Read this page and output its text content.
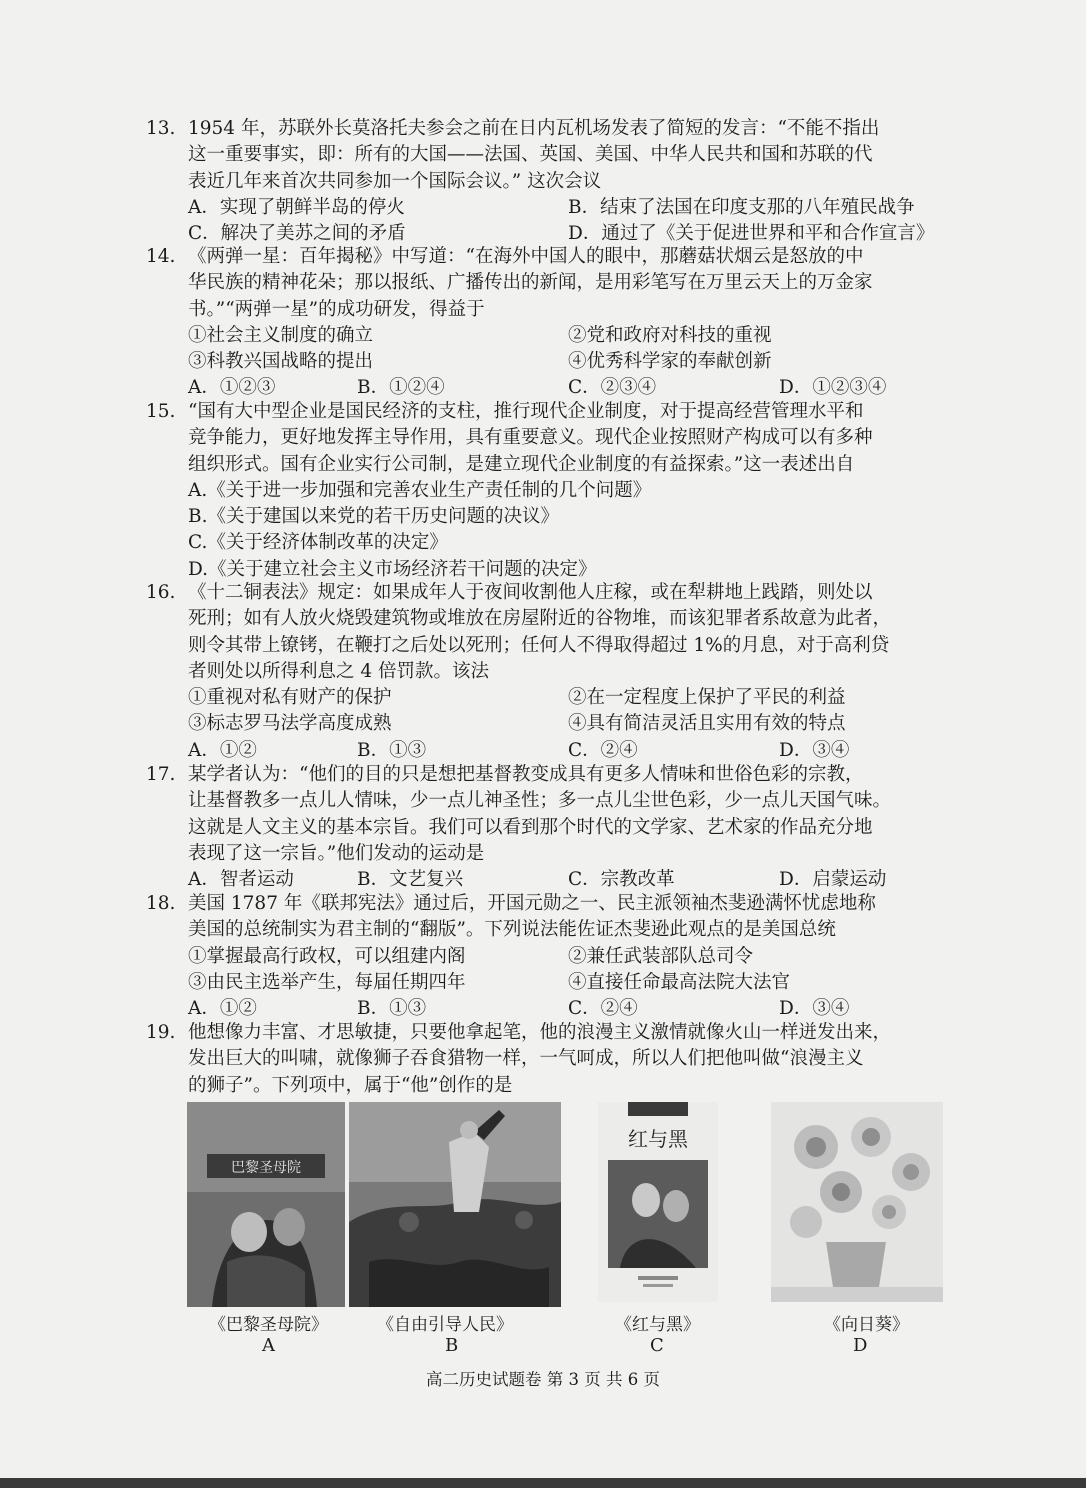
13. 1954 年，苏联外长莫洛托夫参会之前在日内瓦机场发表了简短的发言：“不能不指出
这一重要事实，即：所有的大国——法国、英国、美国、中华人民共和国和苏联的代
表近几年来首次共同参加一个国际会议。” 这次会议
A．实现了朝鲜半岛的停火	B．结束了法国在印度支那的八年殖民战争
C．解决了美苏之间的矛盾	D．通过了《关于促进世界和平和合作宣言》
14. 《两弹一星：百年揭秘》中写道：“在海外中国人的眼中，那蘑菇状烟云是怒放的中
华民族的精神花朵；那以报纸、广播传出的新闻，是用彩笔写在万里云天上的万金家
书。”“两弹一星”的成功研发，得益于
①社会主义制度的确立	②党和政府对科技的重视
③科教兴国战略的提出	④优秀科学家的奉献创新
A．①②③	B．①②④	C．②③④	D．①②③④
15. “国有大中型企业是国民经济的支柱，推行现代企业制度，对于提高经营管理水平和
竞争能力，更好地发挥主导作用，具有重要意义。现代企业按照财产构成可以有多种
组织形式。国有企业实行公司制，是建立现代企业制度的有益探索。”这一表述出自
A.《关于进一步加强和完善农业生产责任制的几个问题》
B.《关于建国以来党的若干历史问题的决议》
C.《关于经济体制改革的决定》
D.《关于建立社会主义市场经济若干问题的决定》
16. 《十二铜表法》规定：如果成年人于夜间收割他人庄稼，或在犁耕地上践踏，则处以
死刑；如有人放火烧毁建筑物或堆放在房屋附近的谷物堆，而该犯罪者系故意为此者，
则令其带上镣铐，在鞭打之后处以死刑；任何人不得取得超过 1%的月息，对于高利贷
者则处以所得利息之 4 倍罚款。该法
①重视对私有财产的保护	②在一定程度上保护了平民的利益
③标志罗马法学高度成熟	④具有简洁灵活且实用有效的特点
A．①②	B．①③	C．②④	D．③④
17. 某学者认为：“他们的目的只是想把基督教变成具有更多人情味和世俗色彩的宗教，
让基督教多一点儿人情味，少一点儿神圣性；多一点儿尘世色彩，少一点儿天国气味。
这就是人文主义的基本宗旨。我们可以看到那个时代的文学家、艺术家的作品充分地
表现了这一宗旨。”他们发动的运动是
A．智者运动	B．文艺复兴	C．宗教改革	D．启蒙运动
18. 美国 1787 年《联邦宪法》通过后，开国元勋之一、民主派领袖杰斐逊满怀忧虑地称
美国的总统制实为君主制的“翻版”。下列说法能佐证杰斐逊此观点的是美国总统
①掌握最高行政权，可以组建内阁	②兼任武装部队总司令
③由民主选举产生，每届任期四年	④直接任命最高法院大法官
A．①②	B．①③	C．②④	D．③④
19. 他想像力丰富、才思敏捷，只要他拿起笔，他的浪漫主义激情就像火山一样迸发出来，
发出巨大的叫啸，就像狮子吞食猎物一样，一气呵成，所以人们把他叫做“浪漫主义
的狮子”。下列项中，属于“他”创作的是
巴黎圣母院
《巴黎圣母院》
A
《自由引导人民》
B
红与黑
《红与黑》
C
《向日葵》
D
高二历史试题卷 第 3 页 共 6 页
